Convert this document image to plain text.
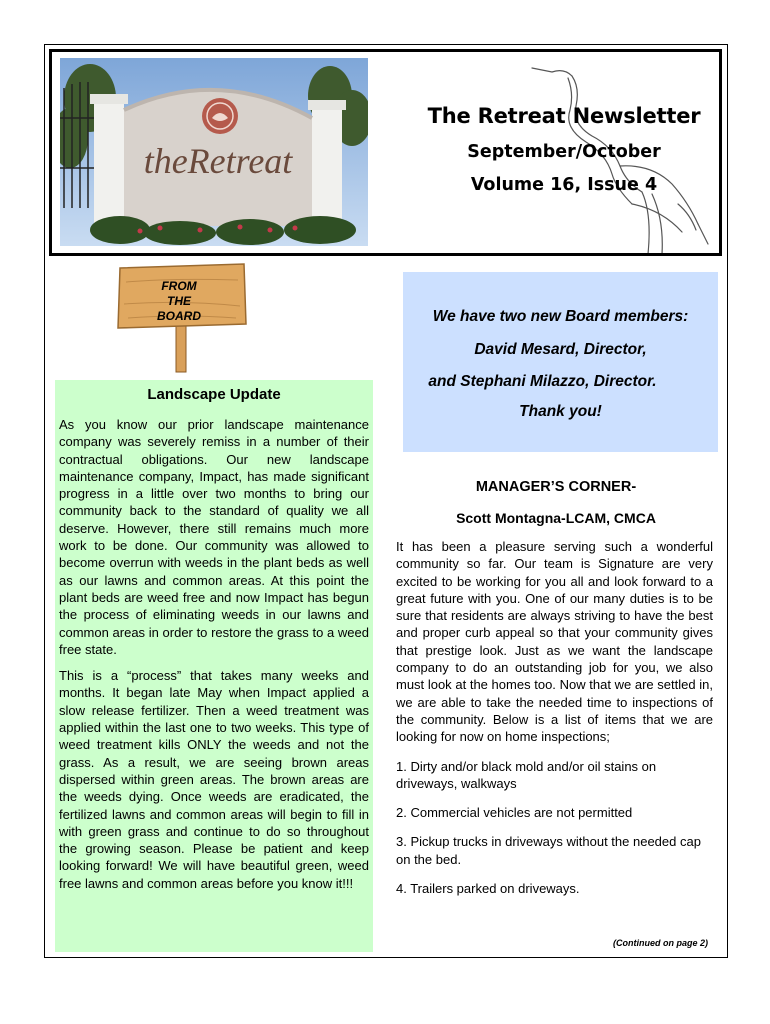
theRetreat
The Retreat Newsletter
September/October
Volume 16, Issue 4
FROM
THE
BOARD
Landscape Update

As you know our prior landscape maintenance company was severely remiss in a number of their contractual obligations. Our new landscape maintenance company, Impact, has made significant progress in a little over two months to bring our community back to the standard of quality we all deserve. However, there still remains much more work to be done. Our community was allowed to become overrun with weeds in the plant beds as well as our lawns and common areas. At this point the plant beds are weed free and now Impact has begun the process of eliminating weeds in our lawns and common areas in order to restore the grass to a weed free state.

This is a “process” that takes many weeks and months. It began late May when Impact applied a slow release fertilizer. Then a weed treatment was applied within the last one to two weeks. This type of weed treatment kills ONLY the weeds and not the grass. As a result, we are seeing brown areas dispersed within green areas. The brown areas are the weeds dying. Once weeds are eradicated, the fertilized lawns and common areas will begin to fill in with green grass and continue to do so throughout the growing season. Please be patient and keep looking forward! We will have beautiful green, weed free lawns and common areas before you know it!!!

We have two new Board members:
David Mesard, Director,
and Stephani Milazzo, Director.
Thank you!
MANAGER’S CORNER-
Scott Montagna-LCAM, CMCA

It has been a pleasure serving such a wonderful community so far. Our team is Signature are very excited to be working for you all and look forward to a great future with you. One of our many duties is to be sure that residents are always striving to have the best and proper curb appeal so that your community gives that prestige look. Just as we want the landscape company to do an outstanding job for you, we also must look at the homes too. Now that we are settled in, we are able to take the needed time to inspections of the community. Below is a list of items that we are looking for now on home inspections;

1. Dirty and/or black mold and/or oil stains on driveways, walkways

2. Commercial vehicles are not permitted

3. Pickup trucks in driveways without the needed cap on the bed.

4. Trailers parked on driveways.

(Continued on page 2)
